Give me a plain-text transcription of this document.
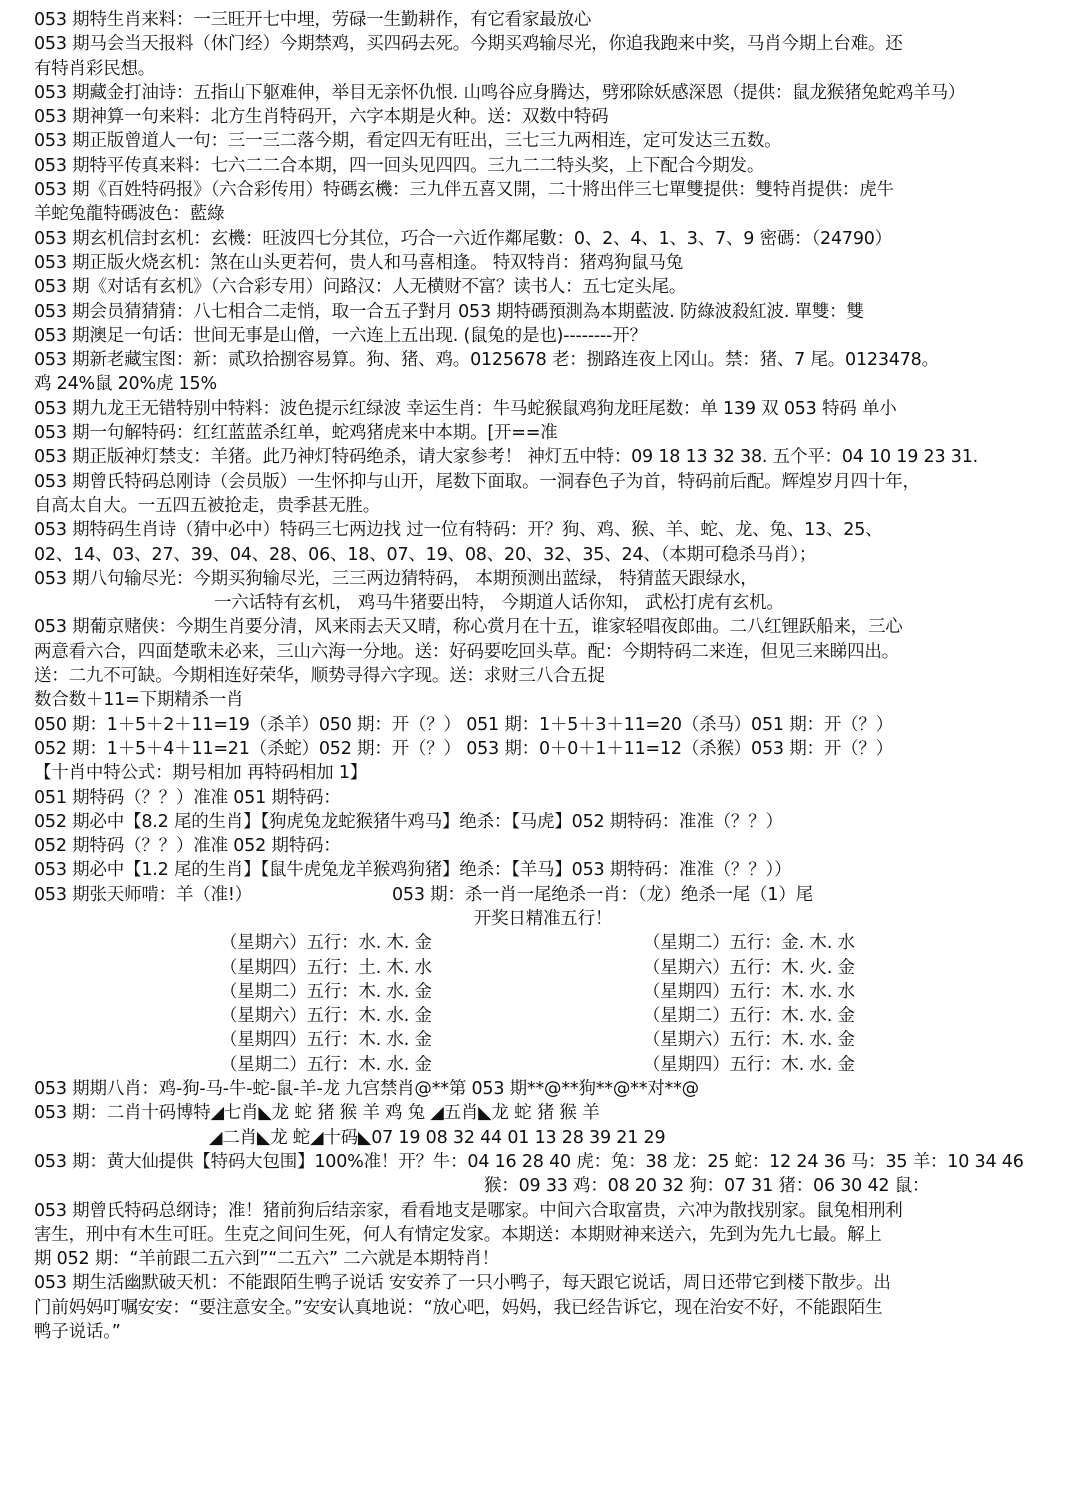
053 期特生肖来料：一三旺开七中埋，劳碌一生勤耕作，有它看家最放心
053 期马会当天报料（休门经）今期禁鸡，买四码去死。今期买鸡输尽光，你追我跑来中奖，马肖今期上台难。还
有特肖彩民想。
053 期藏金打油诗：五指山下躯难伸，举目无亲怀仇恨. 山鸣谷应身腾达，劈邪除妖感深恩（提供：鼠龙猴猪兔蛇鸡羊马）
053 期神算一句来料：北方生肖特码开，六字本期是火种。送：双数中特码
053 期正版曾道人一句：三一三二落今期，看定四无有旺出，三七三九两相连，定可发达三五数。
053 期特平传真来料：七六二二合本期，四一回头见四四。三九二二特头奖，上下配合今期发。
053 期《百姓特码报》（六合彩传用）特碼玄機：三九伴五喜又開，二十將出伴三七單雙提供：雙特肖提供：虎牛
羊蛇兔龍特碼波色：藍綠
053 期玄机信封玄机：玄機：旺波四七分其位，巧合一六近作鄰尾數：0、2、4、1、3、7、9 密碼：（24790）
053 期正版火烧玄机：煞在山头更若何，贵人和马喜相逢。 特双特肖：猪鸡狗鼠马兔
053 期《对话有玄机》（六合彩专用）问路汉：人无横财不富？读书人：五七定头尾。
053 期会员猜猜猜：八七相合二走悄，取一合五子對月 053 期特碼預測為本期藍波. 防綠波殺紅波. 單雙：雙
053 期澳足一句话：世间无事是山僧，一六连上五出现. (鼠兔的是也)--------开？
053 期新老藏宝图：新：贰玖拾捌容易算。狗、猪、鸡。0125678 老：捌路连夜上冈山。禁：猪、7 尾。0123478。
鸡 24%鼠 20%虎 15%
053 期九龙王无错特别中特料：波色提示红绿波 幸运生肖：牛马蛇猴鼠鸡狗龙旺尾数：单 139 双 053 特码 单小
053 期一句解特码：红红蓝蓝杀红单，蛇鸡猪虎来中本期。[开==准
053 期正版神灯禁支：羊猪。此乃神灯特码绝杀，请大家参考！ 神灯五中特：09 18 13 32 38. 五个平：04 10 19 23 31.
053 期曾氏特码总刚诗（会员版）一生怀抑与山开，尾数下面取。一洞春色子为首，特码前后配。辉煌岁月四十年，
自高太自大。一五四五被抢走，贵季甚无胜。
053 期特码生肖诗（猜中必中）特码三七两边找 过一位有特码：开？狗、鸡、猴、羊、蛇、龙、兔、13、25、
02、14、03、27、39、04、28、06、18、07、19、08、20、32、35、24、（本期可稳杀马肖）；
053 期八句输尽光：今期买狗输尽光，三三两边猜特码， 本期预测出蓝绿， 特猜蓝天跟绿水，
一六话特有玄机， 鸡马牛猪要出特， 今期道人话你知， 武松打虎有玄机。
053 期葡京赌侠：今期生肖要分清，风来雨去天又晴，称心赏月在十五，谁家轻唱夜郎曲。二八红锂跃船来，三心
两意看六合，四面楚歌未必来，三山六海一分地。送：好码要吃回头草。配：今期特码二来连，但见三来睇四出。
送：二九不可缺。今期相连好荣华，顺势寻得六字现。送：求财三八合五捉
数合数＋11=下期精杀一肖
050 期：1＋5＋2＋11=19（杀羊）050 期：开（？） 051 期：1＋5＋3＋11=20（杀马）051 期：开（？）
052 期：1＋5＋4＋11=21（杀蛇）052 期：开（？） 053 期：0＋0＋1＋11=12（杀猴）053 期：开（？）
【十肖中特公式：期号相加 再特码相加 1】
051 期特码（？？）准准 051 期特码：
052 期必中【8.2 尾的生肖】【狗虎兔龙蛇猴猪牛鸡马】绝杀：【马虎】052 期特码：准准（？？）
052 期特码（？？）准准 052 期特码：
053 期必中【1.2 尾的生肖】【鼠牛虎兔龙羊猴鸡狗猪】绝杀：【羊马】053 期特码：准准（？？））
053 期张天师啃：羊（准!）	053 期：杀一肖一尾绝杀一肖：（龙）绝杀一尾（1）尾
开奖日精准五行！
（星期六）五行：水. 木. 金	（星期二）五行：金. 木. 水
（星期四）五行：土. 木. 水	（星期六）五行：木. 火. 金
（星期二）五行：木. 水. 金	（星期四）五行：木. 水. 水
（星期六）五行：木. 水. 金	（星期二）五行：木. 水. 金
（星期四）五行：木. 水. 金	（星期六）五行：木. 水. 金
（星期二）五行：木. 水. 金	（星期四）五行：木. 水. 金
053 期期八肖：鸡-狗-马-牛-蛇-鼠-羊-龙 九宫禁肖@**第 053 期**@**狗**@**对**@
053 期：二肖十码博特◢七肖◣龙 蛇 猪 猴 羊 鸡 兔 ◢五肖◣龙 蛇 猪 猴 羊
◢二肖◣龙 蛇◢十码◣07 19 08 32 44 01 13 28 39 21 29
053 期：黄大仙提供【特码大包围】100%准！开？牛：04 16 28 40 虎：兔：38 龙：25 蛇：12 24 36 马：35 羊：10 34 46
猴：09 33 鸡：08 20 32 狗：07 31 猪：06 30 42 鼠：
053 期曾氏特码总纲诗；准！猪前狗后结亲家，看看地支是哪家。中间六合取富贵，六冲为散找别家。鼠兔相刑利
害生，刑中有木生可旺。生克之间问生死，何人有情定发家。本期送：本期财神来送六，先到为先九七最。解上
期 052 期：“羊前跟二五六到”“二五六” 二六就是本期特肖！
053 期生活幽默破天机：不能跟陌生鸭子说话 安安养了一只小鸭子，每天跟它说话，周日还带它到楼下散步。出
门前妈妈叮嘱安安：“要注意安全。”安安认真地说：“放心吧，妈妈，我已经告诉它，现在治安不好，不能跟陌生
鸭子说话。”
